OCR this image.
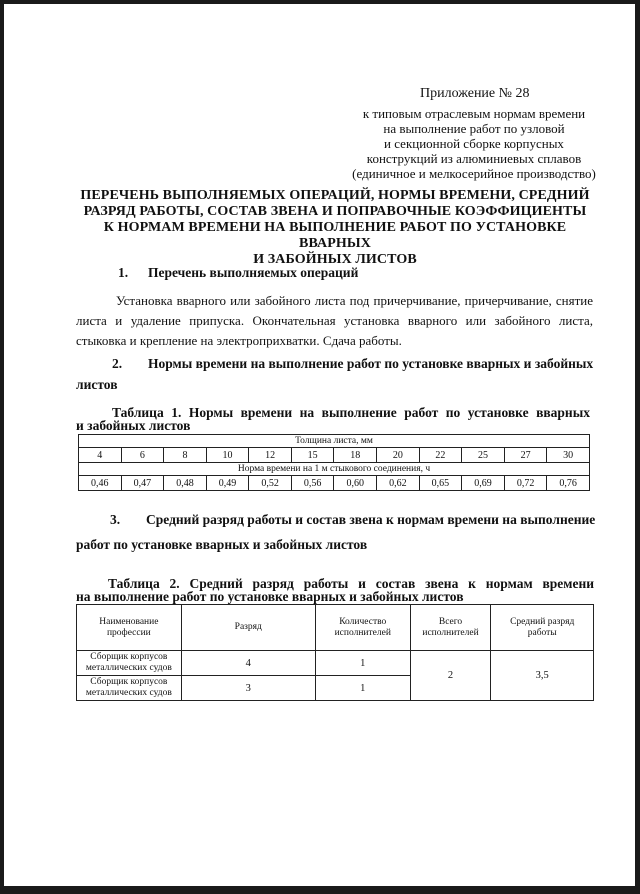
Приложение № 28
к типовым отраслевым нормам времени
на выполнение работ по узловой
и секционной сборке корпусных
конструкций из алюминиевых сплавов
(единичное и мелкосерийное производство)
ПЕРЕЧЕНЬ ВЫПОЛНЯЕМЫХ ОПЕРАЦИЙ, НОРМЫ ВРЕМЕНИ, СРЕДНИЙ
РАЗРЯД РАБОТЫ, СОСТАВ ЗВЕНА И ПОПРАВОЧНЫЕ КОЭФФИЦИЕНТЫ
К НОРМАМ ВРЕМЕНИ НА ВЫПОЛНЕНИЕ РАБОТ ПО УСТАНОВКЕ ВВАРНЫХ
И ЗАБОЙНЫХ ЛИСТОВ
1. Перечень выполняемых операций
Установка вварного или забойного листа под причерчивание, причерчивание, снятие листа и удаление припуска. Окончательная установка вварного или забойного листа, стыковка и крепление на электроприхватки. Сдача работы.
2. Нормы времени на выполнение работ по установке вварных и забойных
листов
Таблица 1. Нормы времени на выполнение работ по установке вварных
и забойных листов
Толщина листа, мм											
4	6	8	10	12	15	18	20	22	25	27	30
Норма времени на 1 м стыкового соединения, ч											
0,46	0,47	0,48	0,49	0,52	0,56	0,60	0,62	0,65	0,69	0,72	0,76
3. Средний разряд работы и состав звена к нормам времени на выполнение
работ по установке вварных и забойных листов
Таблица 2. Средний разряд работы и состав звена к нормам времени
на выполнение работ по установке вварных и забойных листов
Наименование профессии	Разряд	Количество исполнителей	Всего исполнителей	Средний разряд работы
Сборщик корпусов металлических судов	4	1	2	3,5
Сборщик корпусов металлических судов	3	1		
